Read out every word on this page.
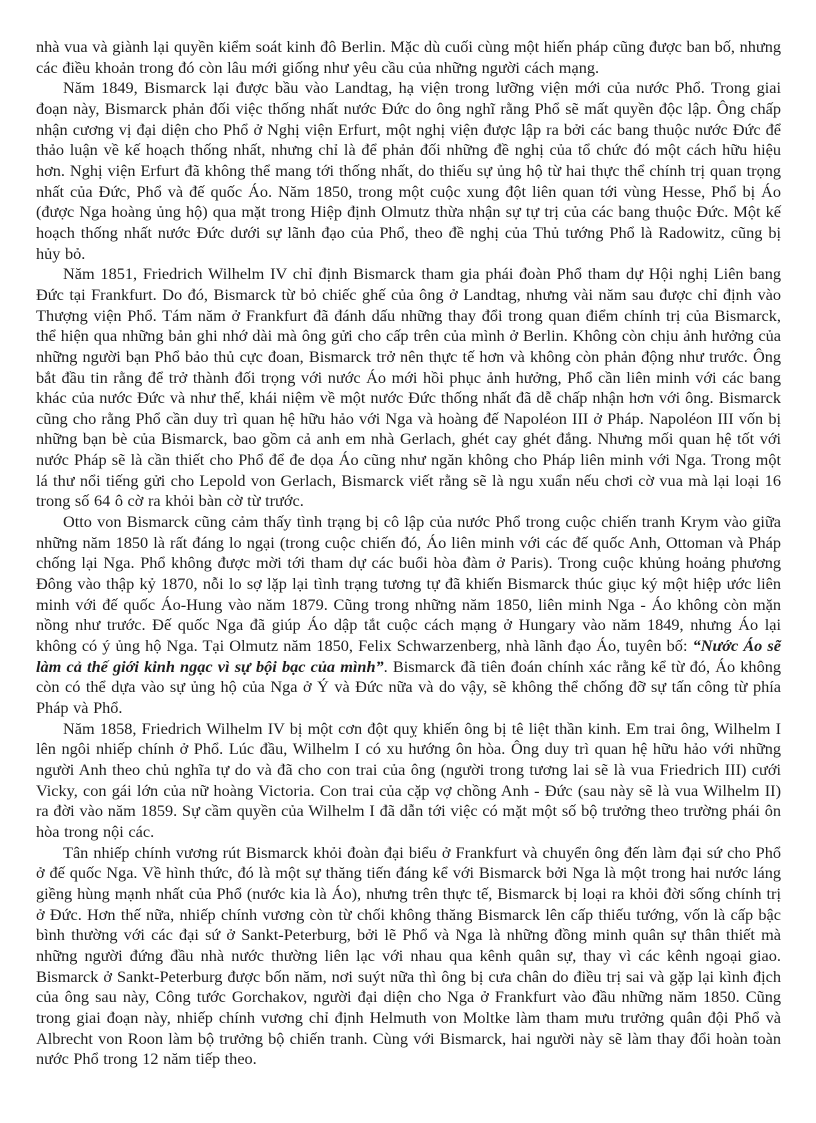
nhà vua và giành lại quyền kiểm soát kinh đô Berlin. Mặc dù cuối cùng một hiến pháp cũng được ban bố, nhưng các điều khoản trong đó còn lâu mới giống như yêu cầu của những người cách mạng.

Năm 1849, Bismarck lại được bầu vào Landtag, hạ viện trong lưỡng viện mới của nước Phổ. Trong giai đoạn này, Bismarck phản đối việc thống nhất nước Đức do ông nghĩ rằng Phổ sẽ mất quyền độc lập. Ông chấp nhận cương vị đại diện cho Phổ ở Nghị viện Erfurt, một nghị viện được lập ra bởi các bang thuộc nước Đức để thảo luận về kế hoạch thống nhất, nhưng chỉ là để phản đối những đề nghị của tổ chức đó một cách hữu hiệu hơn. Nghị viện Erfurt đã không thể mang tới thống nhất, do thiếu sự ủng hộ từ hai thực thể chính trị quan trọng nhất của Đức, Phổ và đế quốc Áo. Năm 1850, trong một cuộc xung đột liên quan tới vùng Hesse, Phổ bị Áo (được Nga hoàng ủng hộ) qua mặt trong Hiệp định Olmutz thừa nhận sự tự trị của các bang thuộc Đức. Một kế hoạch thống nhất nước Đức dưới sự lãnh đạo của Phổ, theo đề nghị của Thủ tướng Phổ là Radowitz, cũng bị hủy bỏ.

Năm 1851, Friedrich Wilhelm IV chỉ định Bismarck tham gia phái đoàn Phổ tham dự Hội nghị Liên bang Đức tại Frankfurt. Do đó, Bismarck từ bỏ chiếc ghế của ông ở Landtag, nhưng vài năm sau được chỉ định vào Thượng viện Phổ. Tám năm ở Frankfurt đã đánh dấu những thay đổi trong quan điểm chính trị của Bismarck, thể hiện qua những bản ghi nhớ dài mà ông gửi cho cấp trên của mình ở Berlin. Không còn chịu ảnh hưởng của những người bạn Phổ bảo thủ cực đoan, Bismarck trở nên thực tế hơn và không còn phản động như trước. Ông bắt đầu tin rằng để trở thành đối trọng với nước Áo mới hồi phục ảnh hưởng, Phổ cần liên minh với các bang khác của nước Đức và như thế, khái niệm về một nước Đức thống nhất đã dễ chấp nhận hơn với ông. Bismarck cũng cho rằng Phổ cần duy trì quan hệ hữu hảo với Nga và hoàng đế Napoléon III ở Pháp. Napoléon III vốn bị những bạn bè của Bismarck, bao gồm cả anh em nhà Gerlach, ghét cay ghét đắng. Nhưng mối quan hệ tốt với nước Pháp sẽ là cần thiết cho Phổ để đe dọa Áo cũng như ngăn không cho Pháp liên minh với Nga. Trong một lá thư nổi tiếng gửi cho Lepold von Gerlach, Bismarck viết rằng sẽ là ngu xuẩn nếu chơi cờ vua mà lại loại 16 trong số 64 ô cờ ra khỏi bàn cờ từ trước.

Otto von Bismarck cũng cảm thấy tình trạng bị cô lập của nước Phổ trong cuộc chiến tranh Krym vào giữa những năm 1850 là rất đáng lo ngại (trong cuộc chiến đó, Áo liên minh với các đế quốc Anh, Ottoman và Pháp chống lại Nga. Phổ không được mời tới tham dự các buổi hòa đàm ở Paris). Trong cuộc khủng hoảng phương Đông vào thập kỷ 1870, nỗi lo sợ lặp lại tình trạng tương tự đã khiến Bismarck thúc giục ký một hiệp ước liên minh với đế quốc Áo-Hung vào năm 1879. Cũng trong những năm 1850, liên minh Nga - Áo không còn mặn nồng như trước. Đế quốc Nga đã giúp Áo dập tắt cuộc cách mạng ở Hungary vào năm 1849, nhưng Áo lại không có ý ủng hộ Nga. Tại Olmutz năm 1850, Felix Schwarzenberg, nhà lãnh đạo Áo, tuyên bố: “Nước Áo sẽ làm cả thế giới kinh ngạc vì sự bội bạc của mình”. Bismarck đã tiên đoán chính xác rằng kể từ đó, Áo không còn có thể dựa vào sự ủng hộ của Nga ở Ý và Đức nữa và do vậy, sẽ không thể chống đỡ sự tấn công từ phía Pháp và Phổ.

Năm 1858, Friedrich Wilhelm IV bị một cơn đột quỵ khiến ông bị tê liệt thần kinh. Em trai ông, Wilhelm I lên ngôi nhiếp chính ở Phổ. Lúc đầu, Wilhelm I có xu hướng ôn hòa. Ông duy trì quan hệ hữu hảo với những người Anh theo chủ nghĩa tự do và đã cho con trai của ông (người trong tương lai sẽ là vua Friedrich III) cưới Vicky, con gái lớn của nữ hoàng Victoria. Con trai của cặp vợ chồng Anh - Đức (sau này sẽ là vua Wilhelm II) ra đời vào năm 1859. Sự cầm quyền của Wilhelm I đã dẫn tới việc có mặt một số bộ trưởng theo trường phái ôn hòa trong nội các.

Tân nhiếp chính vương rút Bismarck khỏi đoàn đại biểu ở Frankfurt và chuyển ông đến làm đại sứ cho Phổ ở đế quốc Nga. Về hình thức, đó là một sự thăng tiến đáng kể với Bismarck bởi Nga là một trong hai nước láng giềng hùng mạnh nhất của Phổ (nước kia là Áo), nhưng trên thực tế, Bismarck bị loại ra khỏi đời sống chính trị ở Đức. Hơn thế nữa, nhiếp chính vương còn từ chối không thăng Bismarck lên cấp thiếu tướng, vốn là cấp bậc bình thường với các đại sứ ở Sankt-Peterburg, bởi lẽ Phổ và Nga là những đồng minh quân sự thân thiết mà những người đứng đầu nhà nước thường liên lạc với nhau qua kênh quân sự, thay vì các kênh ngoại giao. Bismarck ở Sankt-Peterburg được bốn năm, nơi suýt nữa thì ông bị cưa chân do điều trị sai và gặp lại kình địch của ông sau này, Công tước Gorchakov, người đại diện cho Nga ở Frankfurt vào đầu những năm 1850. Cũng trong giai đoạn này, nhiếp chính vương chỉ định Helmuth von Moltke làm tham mưu trưởng quân đội Phổ và Albrecht von Roon làm bộ trưởng bộ chiến tranh. Cùng với Bismarck, hai người này sẽ làm thay đổi hoàn toàn nước Phổ trong 12 năm tiếp theo.
